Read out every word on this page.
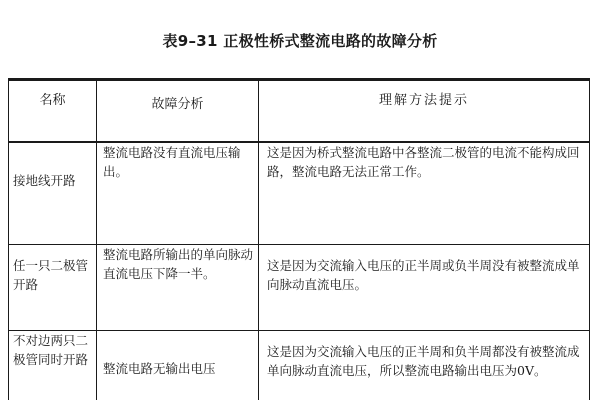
表9–31 正极性桥式整流电路的故障分析
名称	故障分析	理解方法提示
接地线开路	整流电路没有直流电压输出。	这是因为桥式整流电路中各整流二极管的电流不能构成回路，整流电路无法正常工作。
任一只二极管开路	整流电路所输出的单向脉动直流电压下降一半。	这是因为交流输入电压的正半周或负半周没有被整流成单向脉动直流电压。
不对边两只二极管同时开路	整流电路无输出电压	这是因为交流输入电压的正半周和负半周都没有被整流成单向脉动直流电压，所以整流电路输出电压为0V。
